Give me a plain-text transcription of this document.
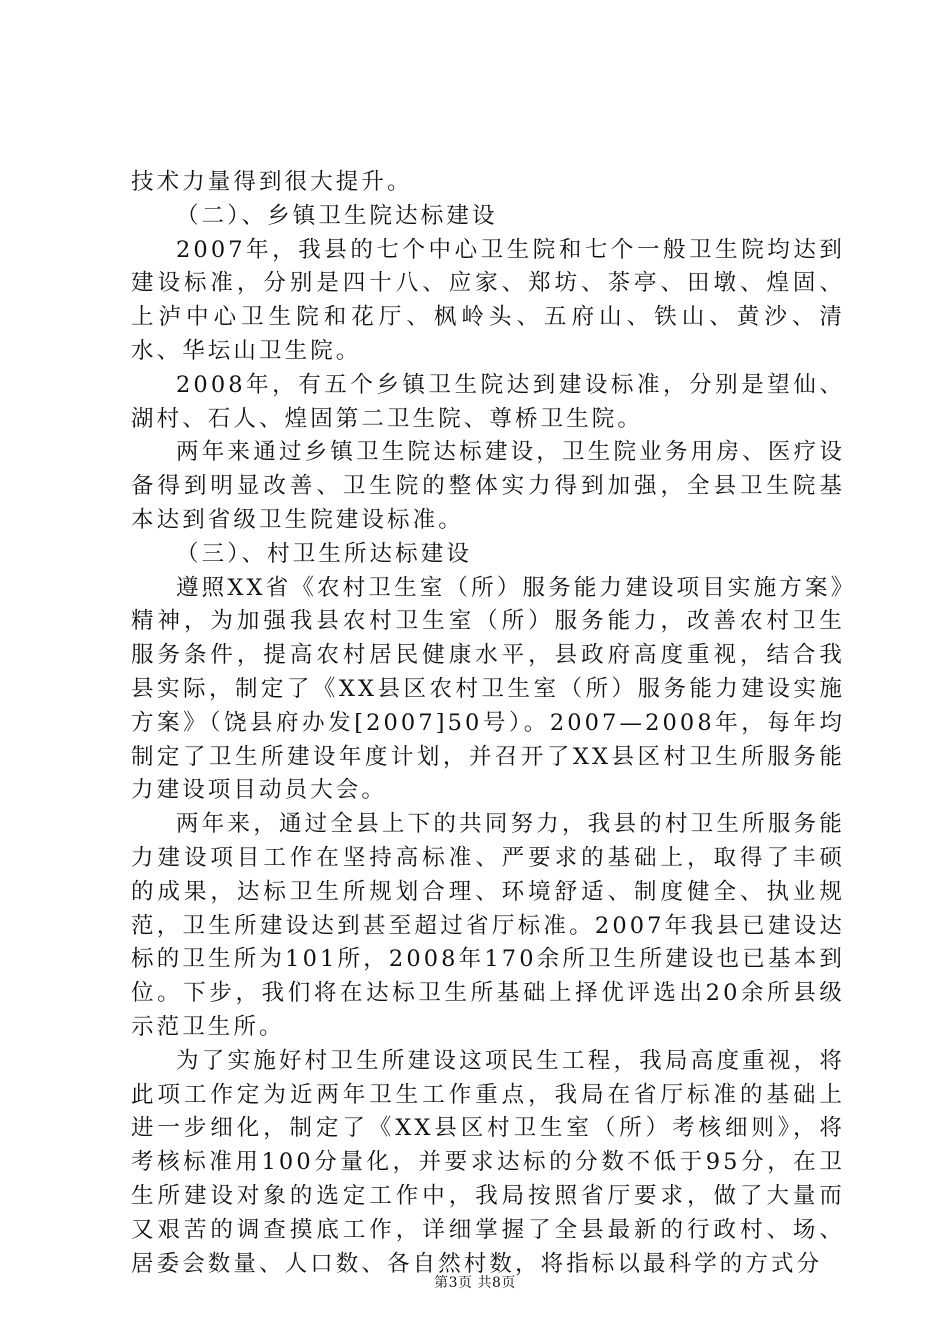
技术力量得到很大提升。

（二）、乡镇卫生院达标建设

2007年，我县的七个中心卫生院和七个一般卫生院均达到建设标准，分别是四十八、应家、郑坊、茶亭、田墩、煌固、上泸中心卫生院和花厅、枫岭头、五府山、铁山、黄沙、清水、华坛山卫生院。

2008年，有五个乡镇卫生院达到建设标准，分别是望仙、湖村、石人、煌固第二卫生院、尊桥卫生院。

两年来通过乡镇卫生院达标建设，卫生院业务用房、医疗设备得到明显改善、卫生院的整体实力得到加强，全县卫生院基本达到省级卫生院建设标准。

（三）、村卫生所达标建设

遵照XX省《农村卫生室（所）服务能力建设项目实施方案》精神，为加强我县农村卫生室（所）服务能力，改善农村卫生服务条件，提高农村居民健康水平，县政府高度重视，结合我县实际，制定了《XX县区农村卫生室（所）服务能力建设实施方案》（饶县府办发[2007]50号）。2007—2008年，每年均制定了卫生所建设年度计划，并召开了XX县区村卫生所服务能力建设项目动员大会。

两年来，通过全县上下的共同努力，我县的村卫生所服务能力建设项目工作在坚持高标准、严要求的基础上，取得了丰硕的成果，达标卫生所规划合理、环境舒适、制度健全、执业规范，卫生所建设达到甚至超过省厅标准。2007年我县已建设达标的卫生所为101所，2008年170余所卫生所建设也已基本到位。下步，我们将在达标卫生所基础上择优评选出20余所县级示范卫生所。

为了实施好村卫生所建设这项民生工程，我局高度重视，将此项工作定为近两年卫生工作重点，我局在省厅标准的基础上进一步细化，制定了《XX县区村卫生室（所）考核细则》，将考核标准用100分量化，并要求达标的分数不低于95分，在卫生所建设对象的选定工作中，我局按照省厅要求，做了大量而又艰苦的调查摸底工作，详细掌握了全县最新的行政村、场、居委会数量、人口数、各自然村数，将指标以最科学的方式分

第3页 共8页
